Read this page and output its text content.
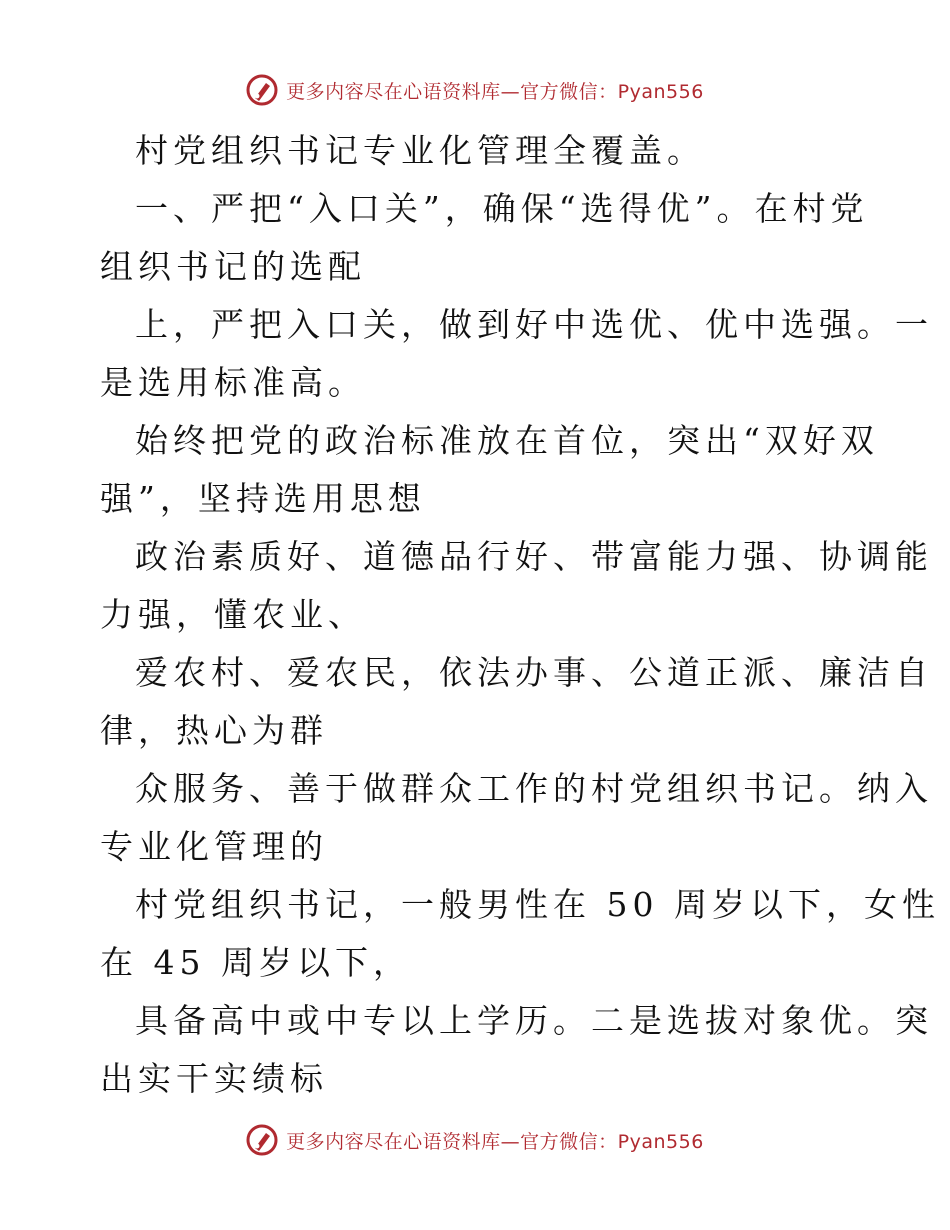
更多内容尽在心语资料库—官方微信：Pyan556
村党组织书记专业化管理全覆盖。
一、严把“入口关”，确保“选得优”。在村党
组织书记的选配
上，严把入口关，做到好中选优、优中选强。一
是选用标准高。
始终把党的政治标准放在首位，突出“双好双
强”，坚持选用思想
政治素质好、道德品行好、带富能力强、协调能
力强，懂农业、
爱农村、爱农民，依法办事、公道正派、廉洁自
律，热心为群
众服务、善于做群众工作的村党组织书记。纳入
专业化管理的
村党组织书记，一般男性在 50 周岁以下，女性
在 45 周岁以下，
具备高中或中专以上学历。二是选拔对象优。突
出实干实绩标
更多内容尽在心语资料库—官方微信：Pyan556
